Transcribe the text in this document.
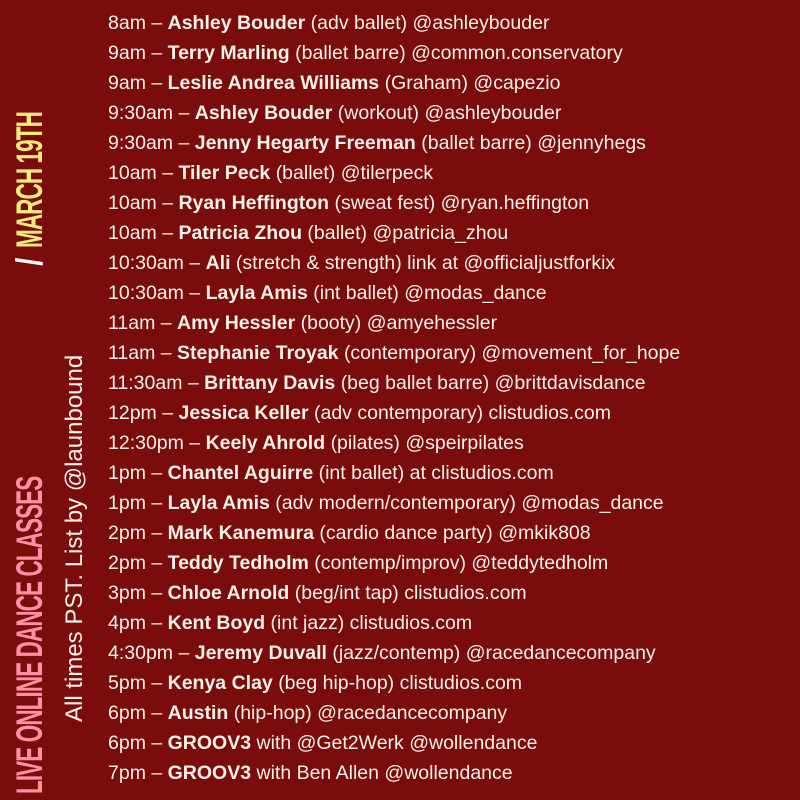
LIVE ONLINE DANCE CLASSES/MARCH 19TH
All times PST. List by @launbound
8am – Ashley Bouder (adv ballet) @ashleybouder
9am – Terry Marling (ballet barre) @common.conservatory
9am – Leslie Andrea Williams (Graham) @capezio
9:30am – Ashley Bouder (workout) @ashleybouder
9:30am – Jenny Hegarty Freeman (ballet barre) @jennyhegs
10am – Tiler Peck (ballet) @tilerpeck
10am – Ryan Heffington (sweat fest) @ryan.heffington
10am – Patricia Zhou (ballet) @patricia_zhou
10:30am – Ali (stretch & strength) link at @officialjustforkix
10:30am – Layla Amis (int ballet) @modas_dance
11am – Amy Hessler (booty) @amyehessler
11am – Stephanie Troyak (contemporary) @movement_for_hope
11:30am – Brittany Davis (beg ballet barre) @brittdavisdance
12pm – Jessica Keller (adv contemporary) clistudios.com
12:30pm – Keely Ahrold (pilates) @speirpilates
1pm – Chantel Aguirre (int ballet) at clistudios.com
1pm – Layla Amis (adv modern/contemporary) @modas_dance
2pm – Mark Kanemura (cardio dance party) @mkik808
2pm – Teddy Tedholm (contemp/improv) @teddytedholm
3pm – Chloe Arnold (beg/int tap) clistudios.com
4pm – Kent Boyd (int jazz) clistudios.com
4:30pm – Jeremy Duvall (jazz/contemp) @racedancecompany
5pm – Kenya Clay (beg hip-hop) clistudios.com
6pm – Austin (hip-hop) @racedancecompany
6pm – GROOV3 with @Get2Werk @wollendance
7pm – GROOV3 with Ben Allen @wollendance
